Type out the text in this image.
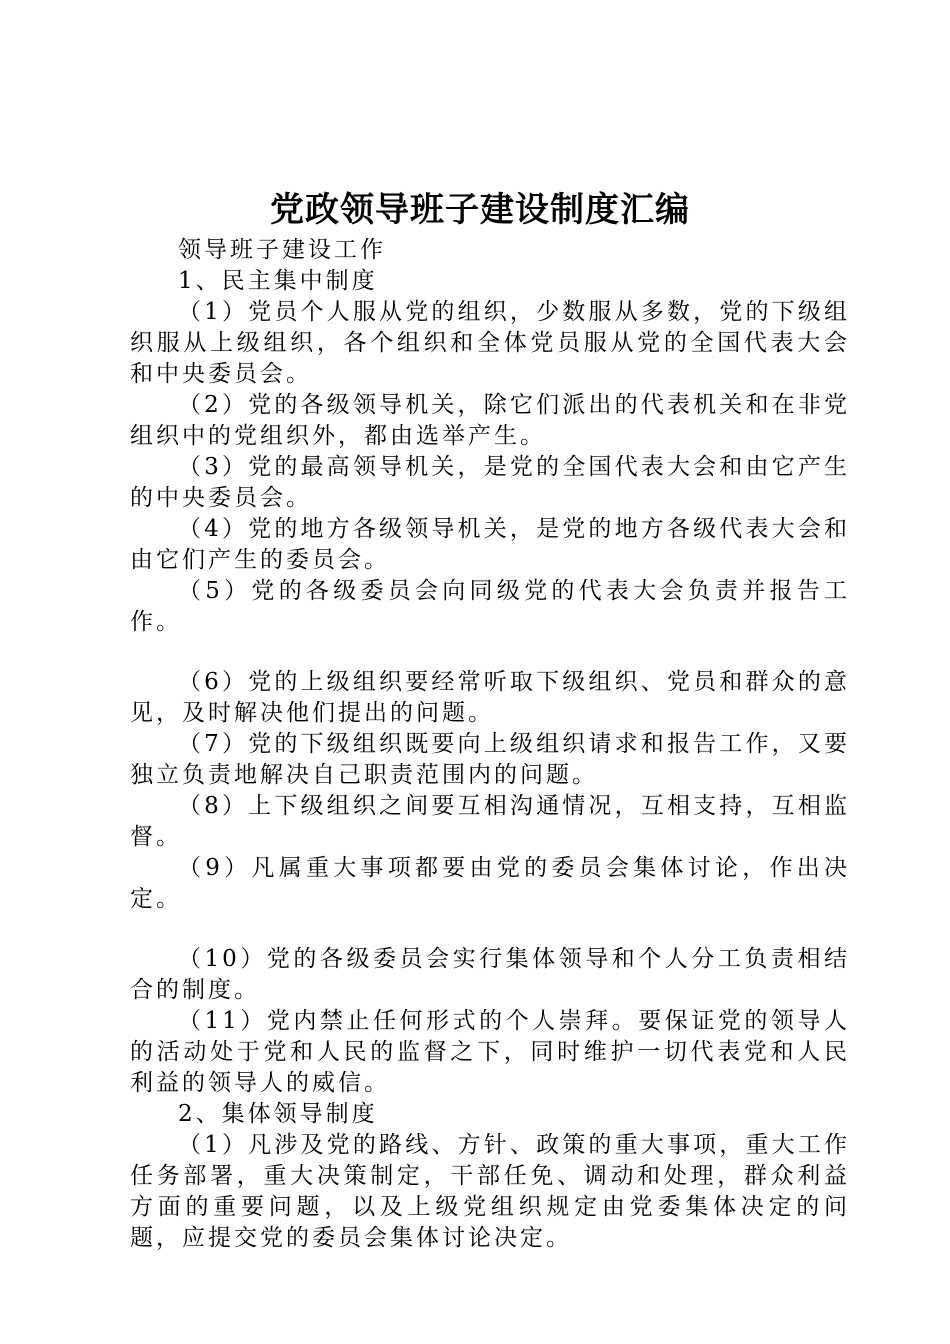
党政领导班子建设制度汇编

领导班子建设工作

1、民主集中制度

（1）党员个人服从党的组织，少数服从多数，党的下级组织服从上级组织，各个组织和全体党员服从党的全国代表大会和中央委员会。

（2）党的各级领导机关，除它们派出的代表机关和在非党组织中的党组织外，都由选举产生。

（3）党的最高领导机关，是党的全国代表大会和由它产生的中央委员会。

（4）党的地方各级领导机关，是党的地方各级代表大会和由它们产生的委员会。

（5）党的各级委员会向同级党的代表大会负责并报告工作。

（6）党的上级组织要经常听取下级组织、党员和群众的意见，及时解决他们提出的问题。

（7）党的下级组织既要向上级组织请求和报告工作，又要独立负责地解决自己职责范围内的问题。

（8）上下级组织之间要互相沟通情况，互相支持，互相监督。

（9）凡属重大事项都要由党的委员会集体讨论，作出决定。

（10）党的各级委员会实行集体领导和个人分工负责相结合的制度。

（11）党内禁止任何形式的个人崇拜。要保证党的领导人的活动处于党和人民的监督之下，同时维护一切代表党和人民利益的领导人的威信。

2、集体领导制度

（1）凡涉及党的路线、方针、政策的重大事项，重大工作任务部署，重大决策制定，干部任免、调动和处理，群众利益方面的重要问题，以及上级党组织规定由党委集体决定的问题，应提交党的委员会集体讨论决定。
